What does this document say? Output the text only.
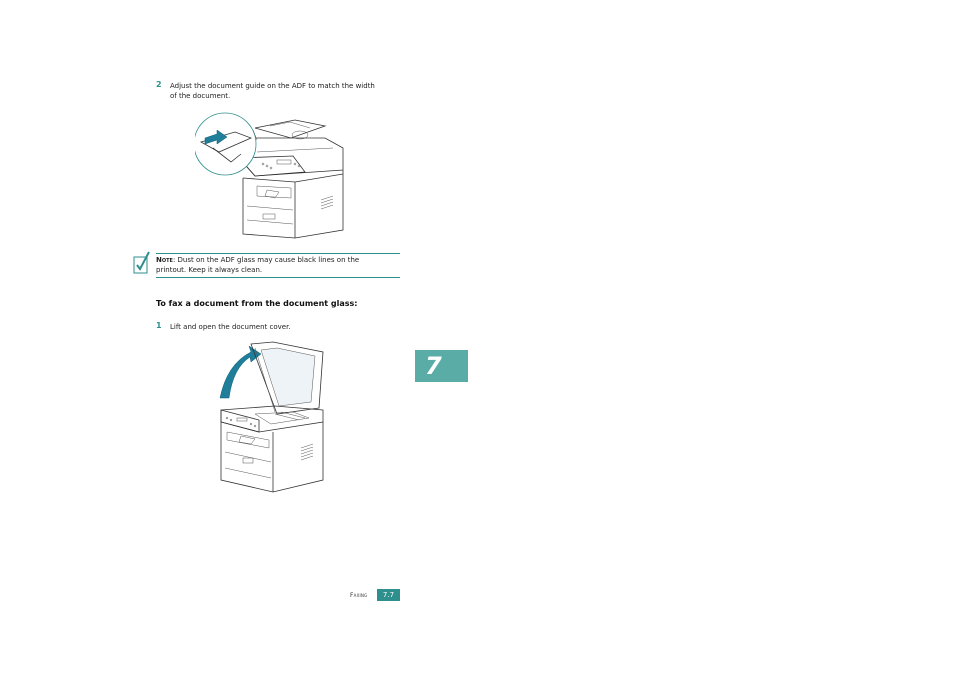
2 Adjust the document guide on the ADF to match the width
of the document.
Note: Dust on the ADF glass may cause black lines on the
printout. Keep it always clean.
To fax a document from the document glass:
1 Lift and open the document cover.
7
Faxing	7.7
